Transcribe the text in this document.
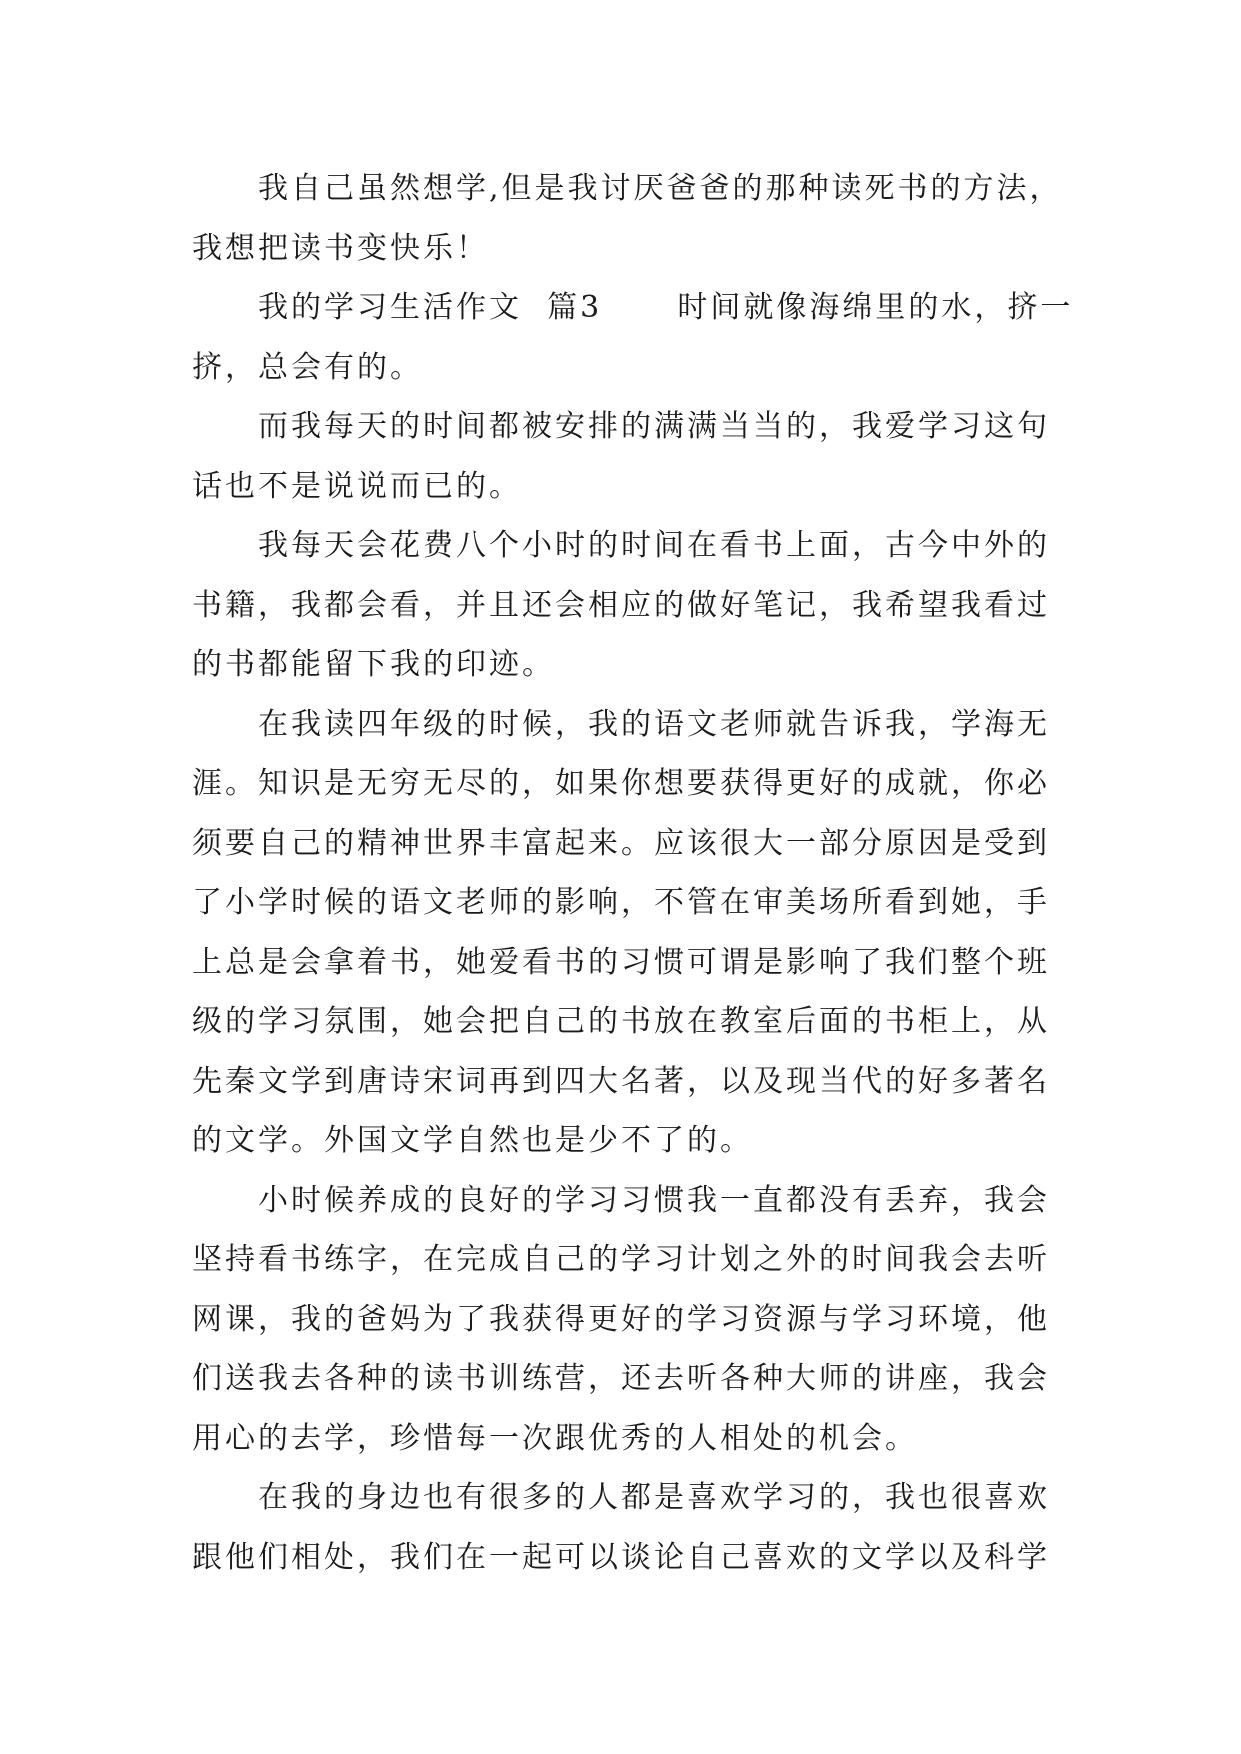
我自己虽然想学,但是我讨厌爸爸的那种读死书的方法，
我想把读书变快乐！
我的学习生活作文  篇3      时间就像海绵里的水，挤一
挤，总会有的。
而我每天的时间都被安排的满满当当的，我爱学习这句
话也不是说说而已的。
我每天会花费八个小时的时间在看书上面，古今中外的
书籍，我都会看，并且还会相应的做好笔记，我希望我看过
的书都能留下我的印迹。
在我读四年级的时候，我的语文老师就告诉我，学海无
涯。知识是无穷无尽的，如果你想要获得更好的成就，你必
须要自己的精神世界丰富起来。应该很大一部分原因是受到
了小学时候的语文老师的影响，不管在审美场所看到她，手
上总是会拿着书，她爱看书的习惯可谓是影响了我们整个班
级的学习氛围，她会把自己的书放在教室后面的书柜上，从
先秦文学到唐诗宋词再到四大名著，以及现当代的好多著名
的文学。外国文学自然也是少不了的。
小时候养成的良好的学习习惯我一直都没有丢弃，我会
坚持看书练字，在完成自己的学习计划之外的时间我会去听
网课，我的爸妈为了我获得更好的学习资源与学习环境，他
们送我去各种的读书训练营，还去听各种大师的讲座，我会
用心的去学，珍惜每一次跟优秀的人相处的机会。
在我的身边也有很多的人都是喜欢学习的，我也很喜欢
跟他们相处，我们在一起可以谈论自己喜欢的文学以及科学
